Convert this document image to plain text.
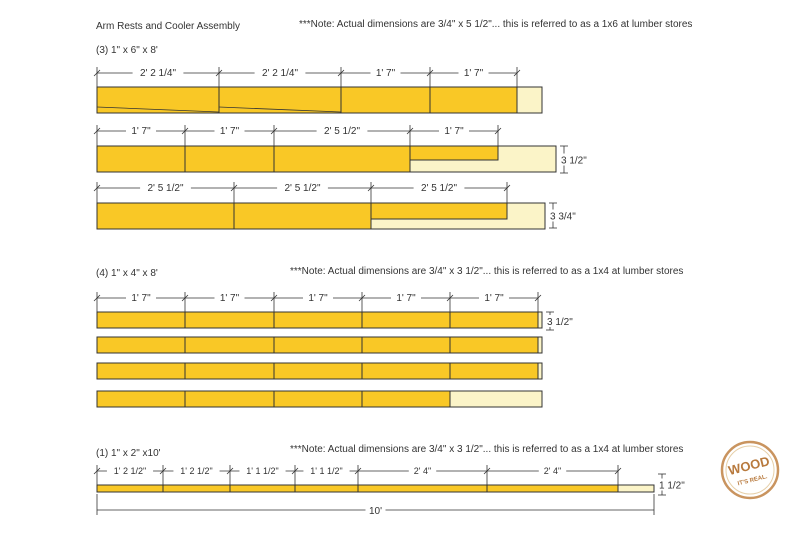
Arm Rests and Cooler Assembly	***Note: Actual dimensions are 3/4" x 5 1/2"... this is referred to as a 1x6 at lumber stores
(3) 1" x 6" x 8'
***Note: Actual dimensions are 3/4" x 3 1/2"... this is referred to as a 1x4 at lumber stores
(4) 1" x 4" x 8'
***Note: Actual dimensions are 3/4" x 3 1/2"... this is referred to as a 1x4 at lumber stores
(1) 1" x 2" x10'
2' 2 1/4"	2' 2 1/4"	1' 7"	1' 7"
1' 7"	1' 7"	2' 5 1/2"	1' 7"
3 1/2"
2' 5 1/2"	2' 5 1/2"	2' 5 1/2"
3 3/4"
1' 7"	1' 7"	1' 7"	1' 7"	1' 7"
3 1/2"
1' 2 1/2"	1' 2 1/2"	1' 1 1/2"	1' 1 1/2"	2' 4"	2' 4"
1 1/2"
10'
WOOD
IT'S REAL.
